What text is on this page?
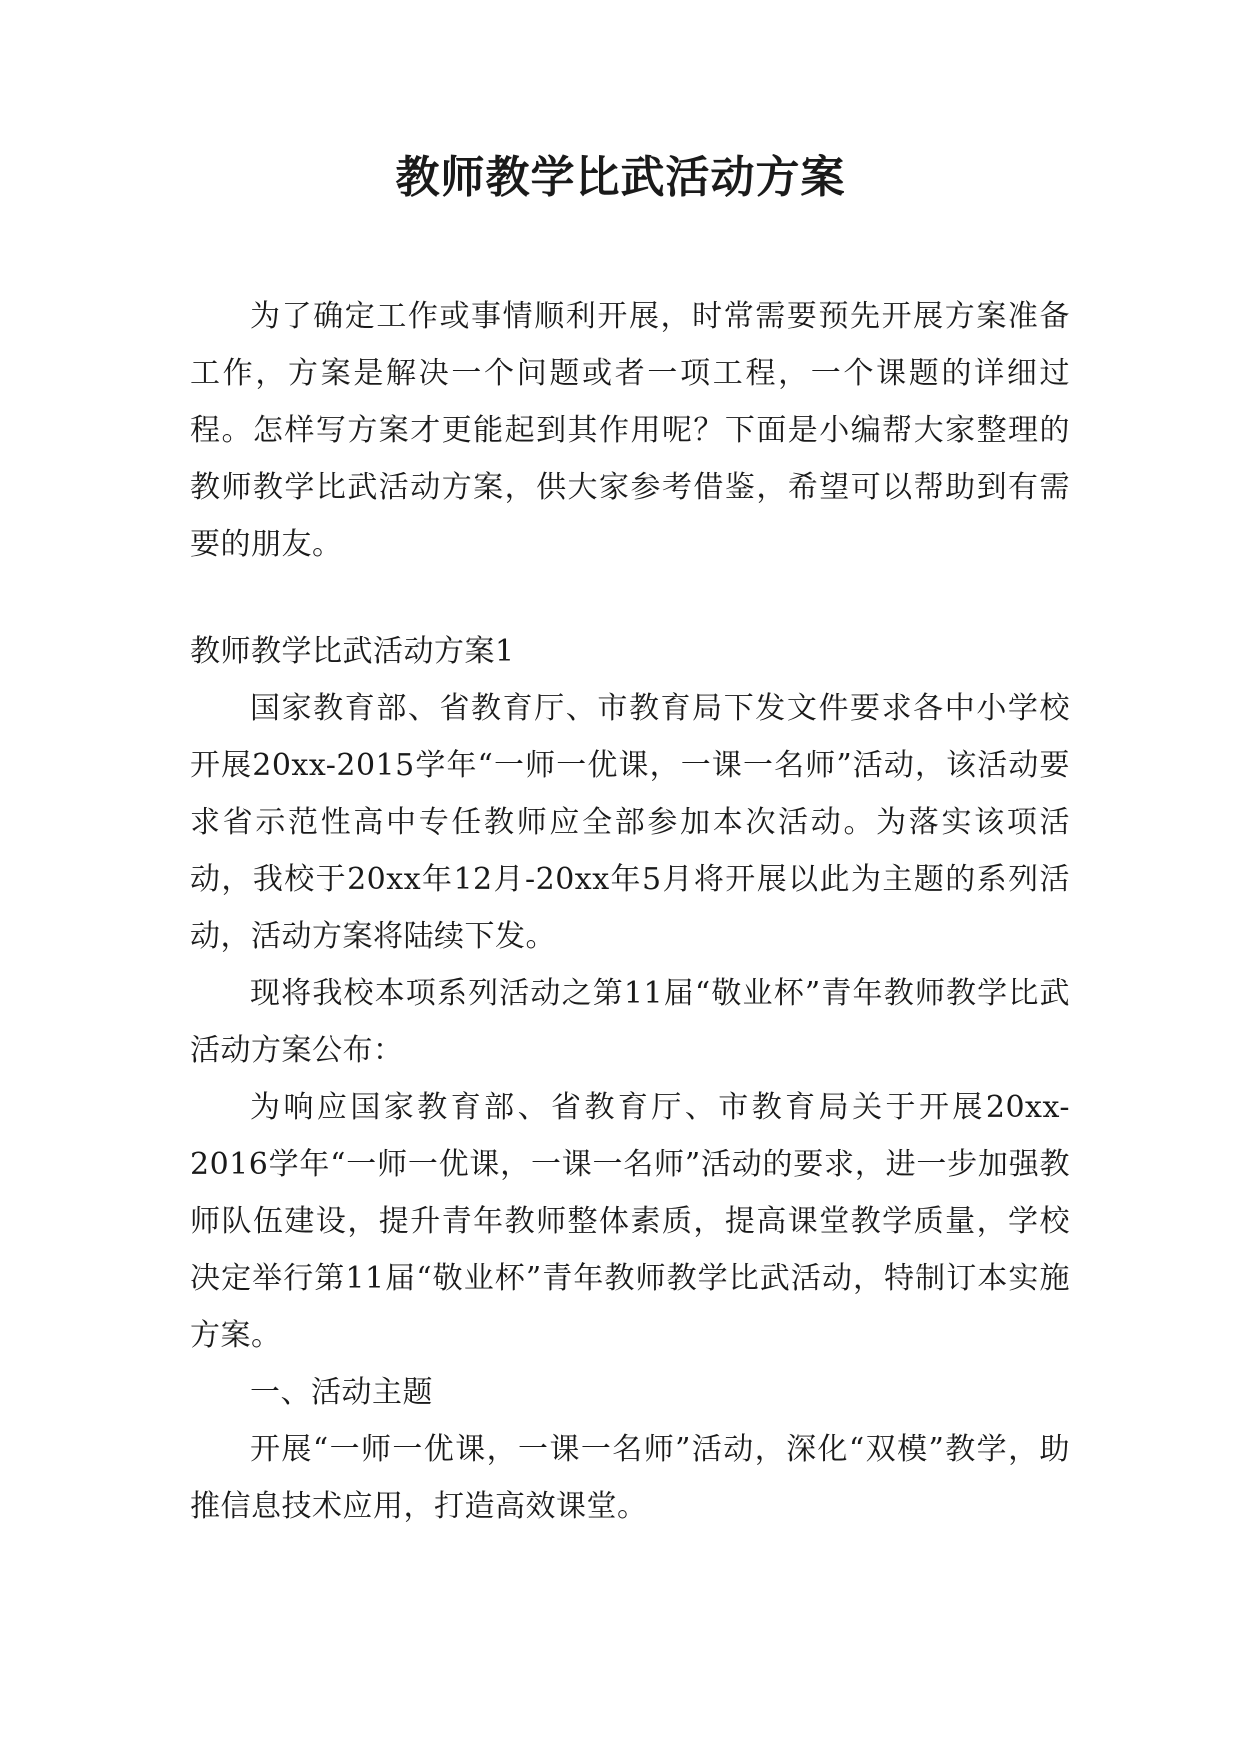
教师教学比武活动方案

为了确定工作或事情顺利开展，时常需要预先开展方案准备工作，方案是解决一个问题或者一项工程，一个课题的详细过程。怎样写方案才更能起到其作用呢？下面是小编帮大家整理的教师教学比武活动方案，供大家参考借鉴，希望可以帮助到有需要的朋友。

教师教学比武活动方案1

国家教育部、省教育厅、市教育局下发文件要求各中小学校开展20xx-2015学年“一师一优课，一课一名师”活动，该活动要求省示范性高中专任教师应全部参加本次活动。为落实该项活动，我校于20xx年12月-20xx年5月将开展以此为主题的系列活动，活动方案将陆续下发。

现将我校本项系列活动之第11届“敬业杯”青年教师教学比武活动方案公布：

为响应国家教育部、省教育厅、市教育局关于开展20xx-2016学年“一师一优课，一课一名师”活动的要求，进一步加强教师队伍建设，提升青年教师整体素质，提高课堂教学质量，学校决定举行第11届“敬业杯”青年教师教学比武活动，特制订本实施方案。

一、活动主题

开展“一师一优课，一课一名师”活动，深化“双模”教学，助推信息技术应用，打造高效课堂。
